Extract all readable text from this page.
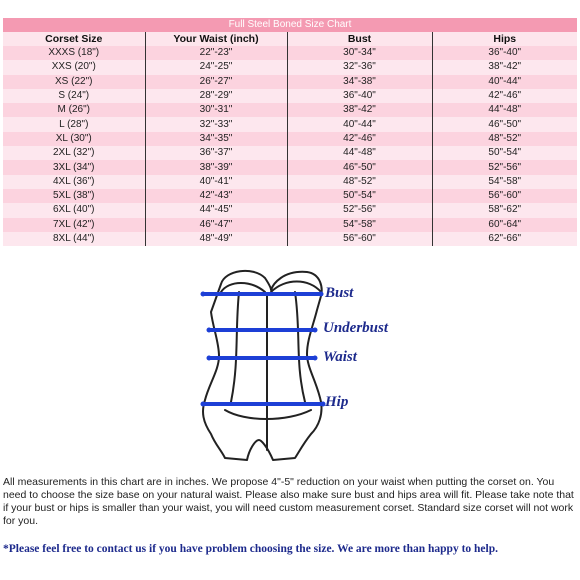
Full Steel Boned Size Chart
Corset Size	Your Waist (inch)	Bust	Hips
XXXS (18")	22"-23"	30"-34"	36"-40"
XXS (20")	24"-25"	32"-36"	38"-42"
XS (22")	26"-27"	34"-38"	40"-44"
S (24")	28"-29"	36"-40"	42"-46"
M (26")	30"-31"	38"-42"	44"-48"
L (28")	32"-33"	40"-44"	46"-50"
XL (30")	34"-35"	42"-46"	48"-52"
2XL (32")	36"-37"	44"-48"	50"-54"
3XL (34")	38"-39"	46"-50"	52"-56"
4XL (36")	40"-41"	48"-52"	54"-58"
5XL (38")	42"-43"	50"-54"	56"-60"
6XL (40")	44"-45"	52"-56"	58"-62"
7XL (42")	46"-47"	54"-58"	60"-64"
8XL (44")	48"-49"	56"-60"	62"-66"
Bust
Underbust
Waist
Hip
All measurements in this chart are in inches. We propose 4"-5" reduction on your waist when putting the corset on. You need to choose the size base on your natural waist. Please also make sure bust and hips area will fit. Please take note that if your bust or hips is smaller than your waist, you will need custom measurement corset. Standard size corset will not work for you.
*Please feel free to contact us if you have problem choosing the size. We are more than happy to help.
